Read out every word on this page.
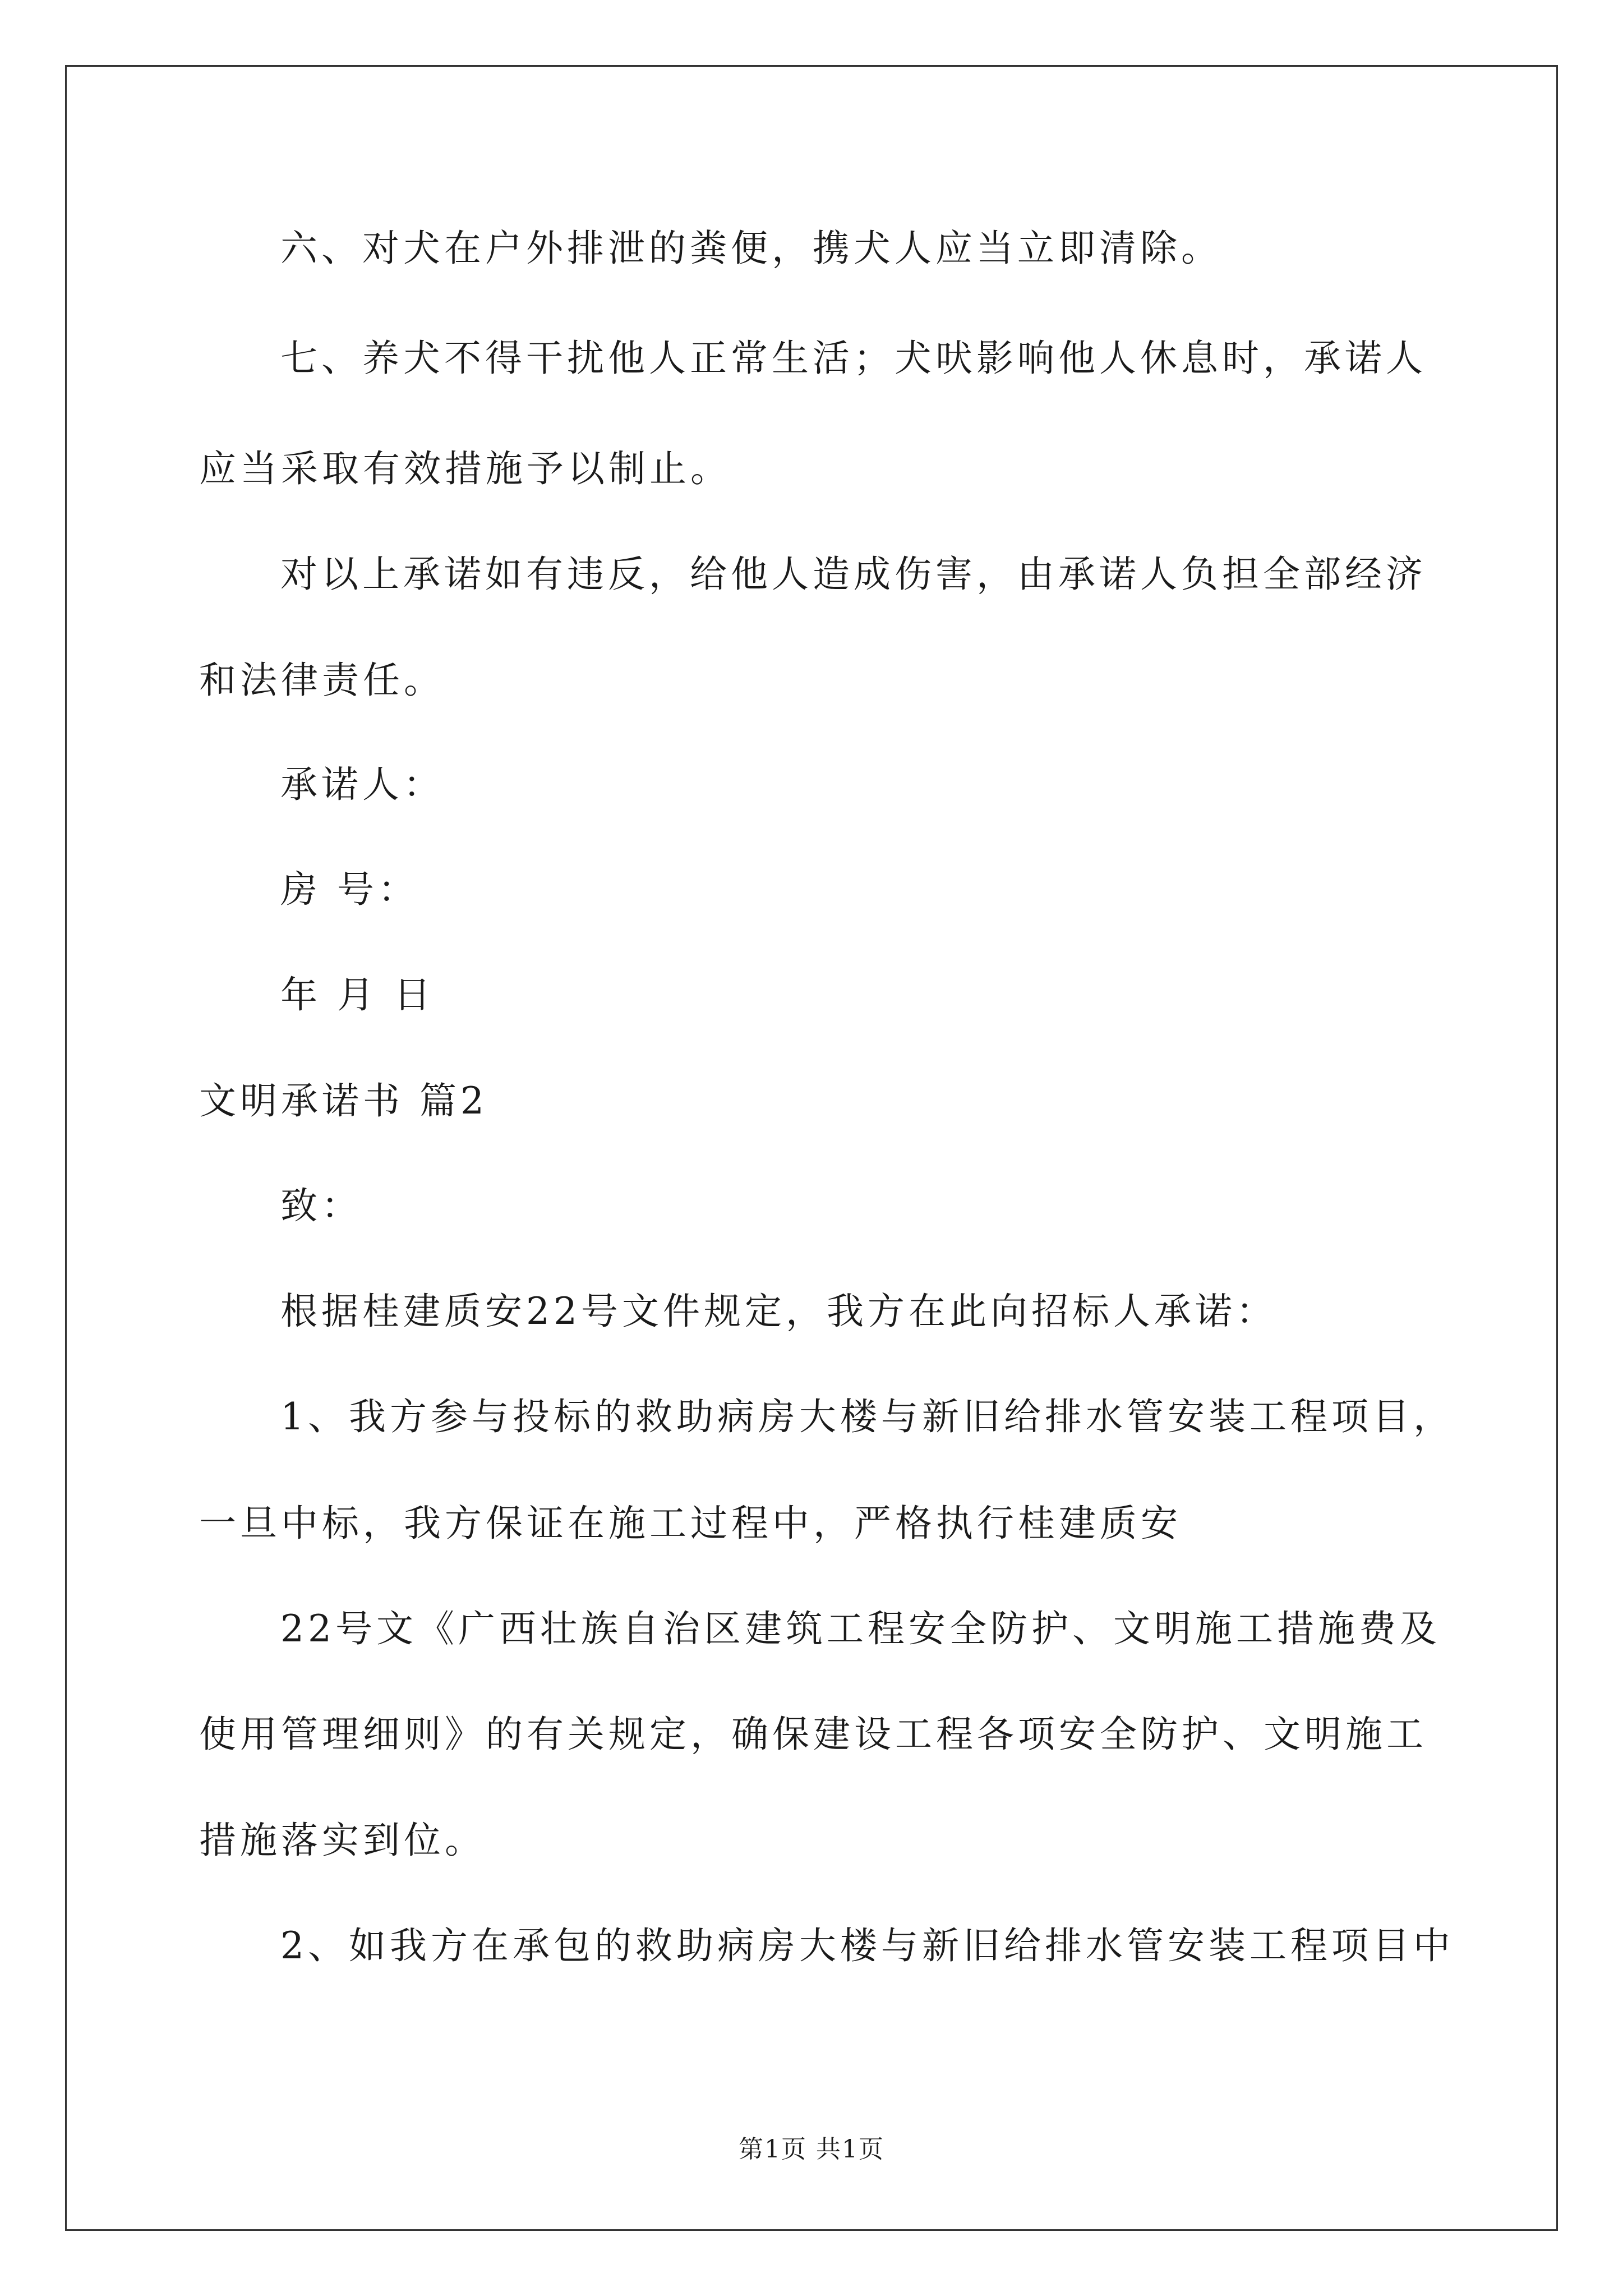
六、对犬在户外排泄的粪便，携犬人应当立即清除。
七、养犬不得干扰他人正常生活；犬吠影响他人休息时，承诺人
应当采取有效措施予以制止。
对以上承诺如有违反，给他人造成伤害，由承诺人负担全部经济
和法律责任。
承诺人：
房 号：
年 月 日
文明承诺书 篇2
致：
根据桂建质安22号文件规定，我方在此向招标人承诺：
1、我方参与投标的救助病房大楼与新旧给排水管安装工程项目，
一旦中标，我方保证在施工过程中，严格执行桂建质安
22号文《广西壮族自治区建筑工程安全防护、文明施工措施费及
使用管理细则》的有关规定，确保建设工程各项安全防护、文明施工
措施落实到位。
2、如我方在承包的救助病房大楼与新旧给排水管安装工程项目中
第1页 共1页
